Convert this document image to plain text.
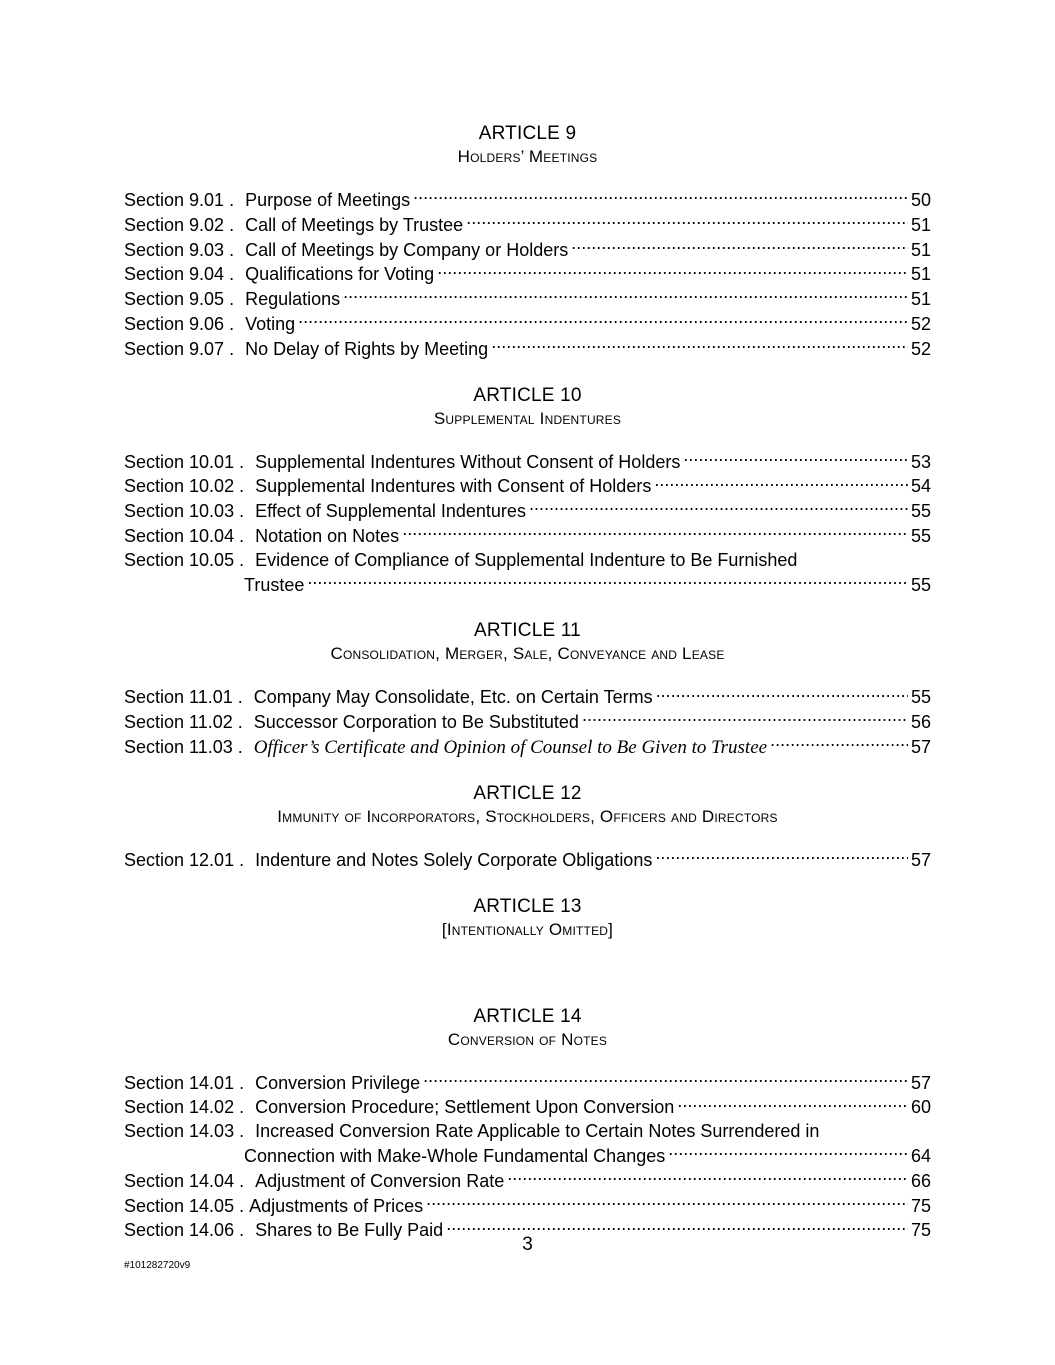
ARTICLE 9
Holders’ Meetings
Section 9.01 . Purpose of Meetings .....	50
Section 9.02 . Call of Meetings by Trustee .....	51
Section 9.03 . Call of Meetings by Company or Holders .....	51
Section 9.04 . Qualifications for Voting .....	51
Section 9.05 . Regulations .....	51
Section 9.06 . Voting .....	52
Section 9.07 . No Delay of Rights by Meeting .....	52
ARTICLE 10
Supplemental Indentures
Section 10.01 . Supplemental Indentures Without Consent of Holders .....	53
Section 10.02 . Supplemental Indentures with Consent of Holders .....	54
Section 10.03 . Effect of Supplemental Indentures .....	55
Section 10.04 . Notation on Notes .....	55
Section 10.05 . Evidence of Compliance of Supplemental Indenture to Be Furnished
Trustee .....	55
ARTICLE 11
Consolidation, Merger, Sale, Conveyance and Lease
Section 11.01 . Company May Consolidate, Etc. on Certain Terms .....	55
Section 11.02 . Successor Corporation to Be Substituted .....	56
Section 11.03 . Officer’s Certificate and Opinion of Counsel to Be Given to Trustee .....	57
ARTICLE 12
Immunity of Incorporators, Stockholders, Officers and Directors
Section 12.01 . Indenture and Notes Solely Corporate Obligations .....	57
ARTICLE 13
[Intentionally Omitted]
ARTICLE 14
Conversion of Notes
Section 14.01 . Conversion Privilege .....	57
Section 14.02 . Conversion Procedure; Settlement Upon Conversion .....	60
Section 14.03 . Increased Conversion Rate Applicable to Certain Notes Surrendered in
Connection with Make-Whole Fundamental Changes .....	64
Section 14.04 . Adjustment of Conversion Rate .....	66
Section 14.05 . Adjustments of Prices .....	75
Section 14.06 . Shares to Be Fully Paid .....	75
3
#101282720v9
